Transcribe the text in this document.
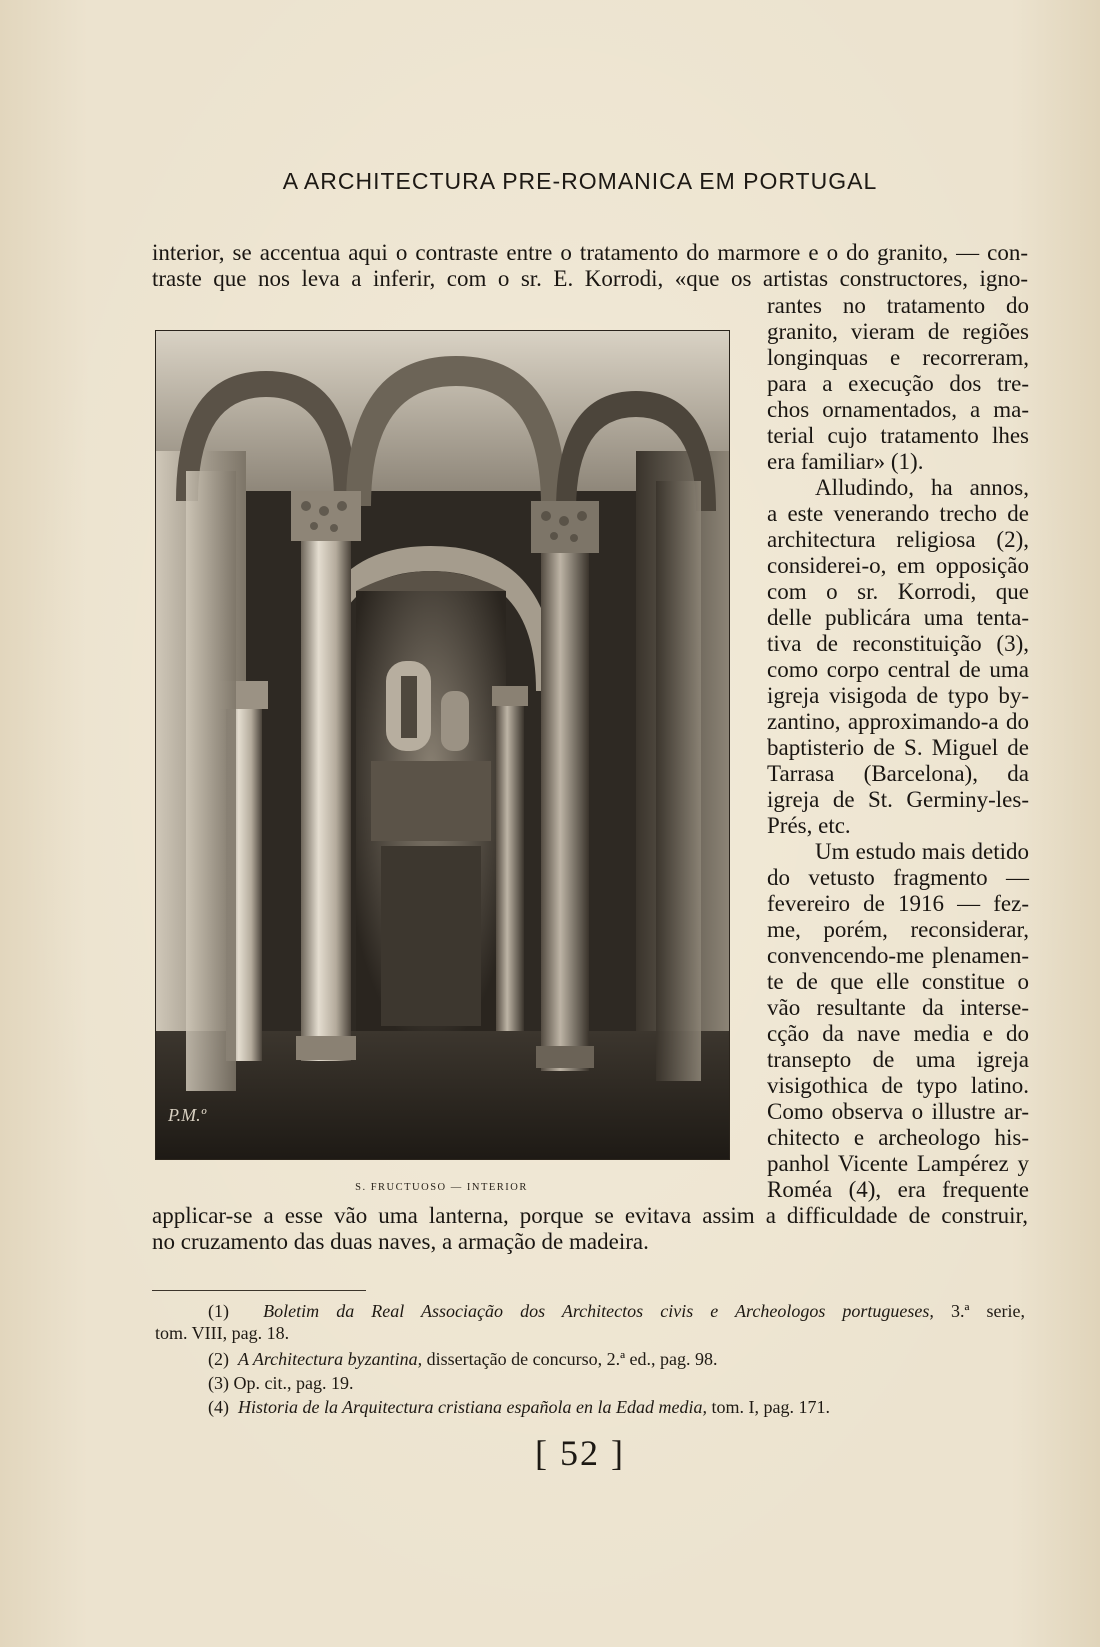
A ARCHITECTURA PRE-ROMANICA EM PORTUGAL
interior, se accentua aqui o contraste entre o tratamento do marmore e o do granito, — con-
traste que nos leva a inferir, com o sr. E. Korrodi, «que os artistas constructores, igno-
rantes no tratamento do
granito, vieram de regiões
longinquas e recorreram,
para a execução dos tre-
chos ornamentados, a ma-
terial cujo tratamento lhes
era familiar» (1).
Alludindo, ha annos,
a este venerando trecho de
architectura religiosa (2),
considerei-o, em opposição
com o sr. Korrodi, que
delle publicára uma tenta-
tiva de reconstituição (3),
como corpo central de uma
igreja visigoda de typo by-
zantino, approximando-a do
baptisterio de S. Miguel de
Tarrasa (Barcelona), da
igreja de St. Germiny-les-
Prés, etc.
Um estudo mais detido
do vetusto fragmento —
fevereiro de 1916 — fez-
me, porém, reconsiderar,
convencendo-me plenamen-
te de que elle constitue o
vão resultante da interse-
cção da nave media e do
transepto de uma igreja
visigothica de typo latino.
Como observa o illustre ar-
chitecto e archeologo his-
panhol Vicente Lampérez y
Roméa (4), era frequente
applicar-se a esse vão uma lanterna, porque se evitava assim a difficuldade de construir,
no cruzamento das duas naves, a armação de madeira.
P.M.º
S. FRUCTUOSO — INTERIOR
(1) Boletim da Real Associação dos Architectos civis e Archeologos portugueses, 3.ª serie,
tom. VIII, pag. 18.
(2) A Architectura byzantina, dissertação de concurso, 2.ª ed., pag. 98.
(3) Op. cit., pag. 19.
(4) Historia de la Arquitectura cristiana española en la Edad media, tom. I, pag. 171.
[ 52 ]
